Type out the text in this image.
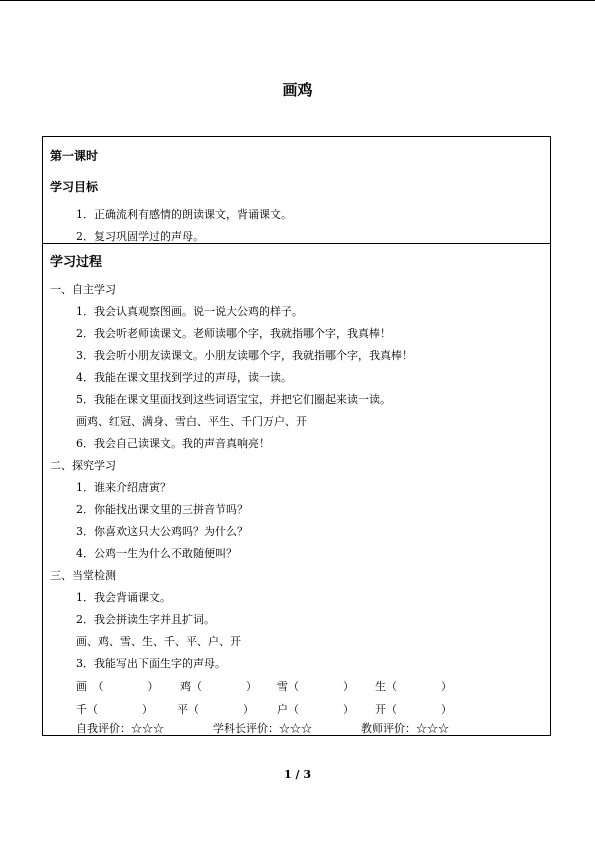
画鸡
第一课时
学习目标
1．正确流利有感情的朗读课文，背诵课文。
2．复习巩固学过的声母。
学习过程
一、自主学习
1．我会认真观察图画。说一说大公鸡的样子。
2．我会听老师读课文。老师读哪个字，我就指哪个字，我真棒！
3．我会听小朋友读课文。小朋友读哪个字，我就指哪个字，我真棒！
4．我能在课文里找到学过的声母，读一读。
5．我能在课文里面找到这些词语宝宝，并把它们圈起来读一读。
画鸡、红冠、满身、雪白、平生、千门万户、开
6．我会自己读课文。我的声音真响亮！
二、探究学习
1．谁来介绍唐寅？
2．你能找出课文里的三拼音节吗？
3．你喜欢这只大公鸡吗？为什么？
4．公鸡一生为什么不敢随便叫？
三、当堂检测
1．我会背诵课文。
2．我会拼读生字并且扩词。
画、鸡、雪、生、千、平、户、开
3．我能写出下面生字的声母。
画　（　　　　） 鸡（　　　　） 雪（　　　　） 生（　　　　）
千（　　　　） 平（　　　　） 户（　　　　） 开（　　　　）
自我评价：☆☆☆	学科长评价：☆☆☆	教师评价：☆☆☆
1 / 3
